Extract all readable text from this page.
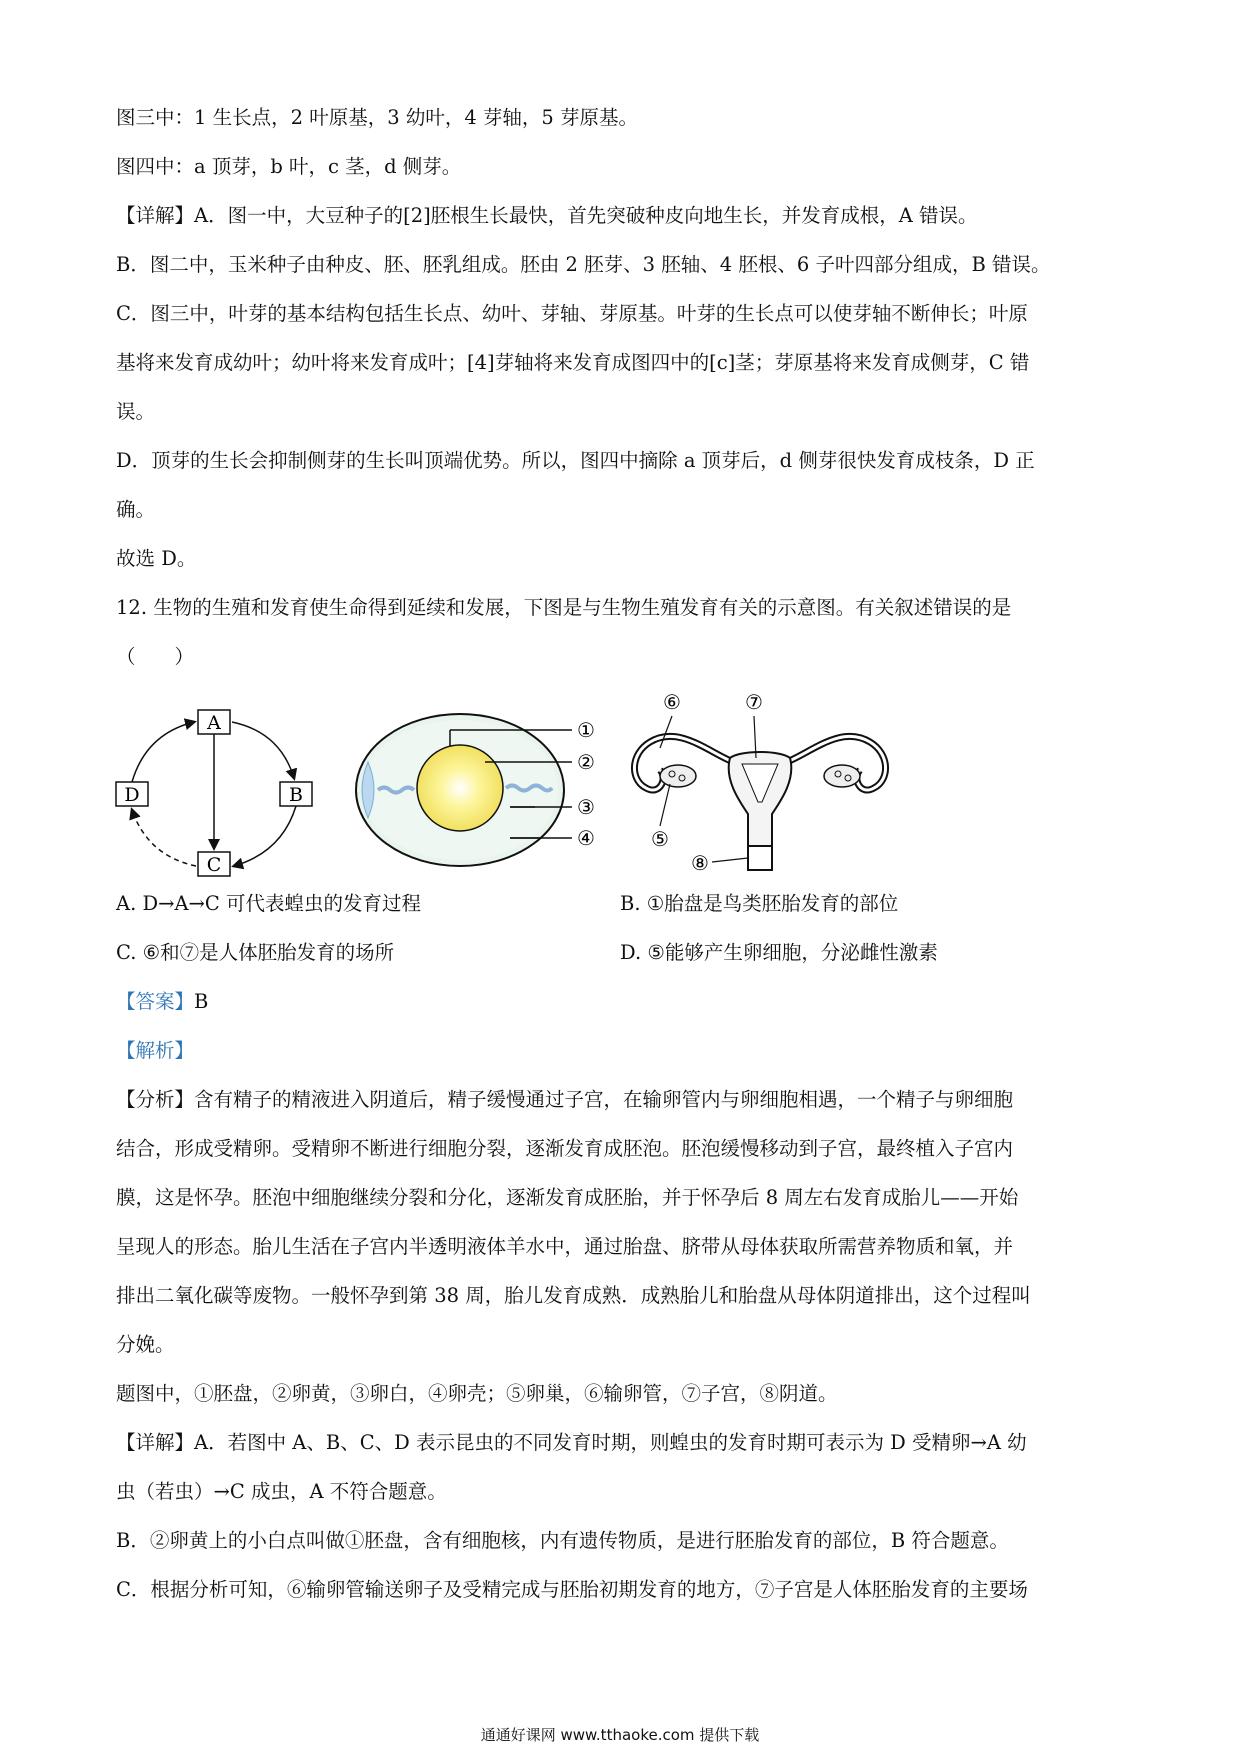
图三中：1 生长点，2 叶原基，3 幼叶，4 芽轴，5 芽原基。
图四中：a 顶芽，b 叶，c 茎，d 侧芽。
【详解】A．图一中，大豆种子的[2]胚根生长最快，首先突破种皮向地生长，并发育成根，A 错误。
B．图二中，玉米种子由种皮、胚、胚乳组成。胚由 2 胚芽、3 胚轴、4 胚根、6 子叶四部分组成，B 错误。
C．图三中，叶芽的基本结构包括生长点、幼叶、芽轴、芽原基。叶芽的生长点可以使芽轴不断伸长；叶原
基将来发育成幼叶；幼叶将来发育成叶；[4]芽轴将来发育成图四中的[c]茎；芽原基将来发育成侧芽，C 错
误。
D．顶芽的生长会抑制侧芽的生长叫顶端优势。所以，图四中摘除 a 顶芽后，d 侧芽很快发育成枝条，D 正
确。
故选 D。
12. 生物的生殖和发育使生命得到延续和发展，下图是与生物生殖发育有关的示意图。有关叙述错误的是
（　　）
A
B
C
D
①
②
③
④
⑥	⑦
⑤
⑧
A. D→A→C 可代表蝗虫的发育过程	B. ①胎盘是鸟类胚胎发育的部位
C. ⑥和⑦是人体胚胎发育的场所	D. ⑤能够产生卵细胞，分泌雌性激素
【答案】B
【解析】
【分析】含有精子的精液进入阴道后，精子缓慢通过子宫，在输卵管内与卵细胞相遇，一个精子与卵细胞
结合，形成受精卵。受精卵不断进行细胞分裂，逐渐发育成胚泡。胚泡缓慢移动到子宫，最终植入子宫内
膜，这是怀孕。胚泡中细胞继续分裂和分化，逐渐发育成胚胎，并于怀孕后 8 周左右发育成胎儿——开始
呈现人的形态。胎儿生活在子宫内半透明液体羊水中，通过胎盘、脐带从母体获取所需营养物质和氧，并
排出二氧化碳等废物。一般怀孕到第 38 周，胎儿发育成熟．成熟胎儿和胎盘从母体阴道排出，这个过程叫
分娩。
题图中，①胚盘，②卵黄，③卵白，④卵壳；⑤卵巢，⑥输卵管，⑦子宫，⑧阴道。
【详解】A．若图中 A、B、C、D 表示昆虫的不同发育时期，则蝗虫的发育时期可表示为 D 受精卵→A 幼
虫（若虫）→C 成虫，A 不符合题意。
B．②卵黄上的小白点叫做①胚盘，含有细胞核，内有遗传物质，是进行胚胎发育的部位，B 符合题意。
C．根据分析可知，⑥输卵管输送卵子及受精完成与胚胎初期发育的地方，⑦子宫是人体胚胎发育的主要场
通通好课网 www.tthaoke.com 提供下载
